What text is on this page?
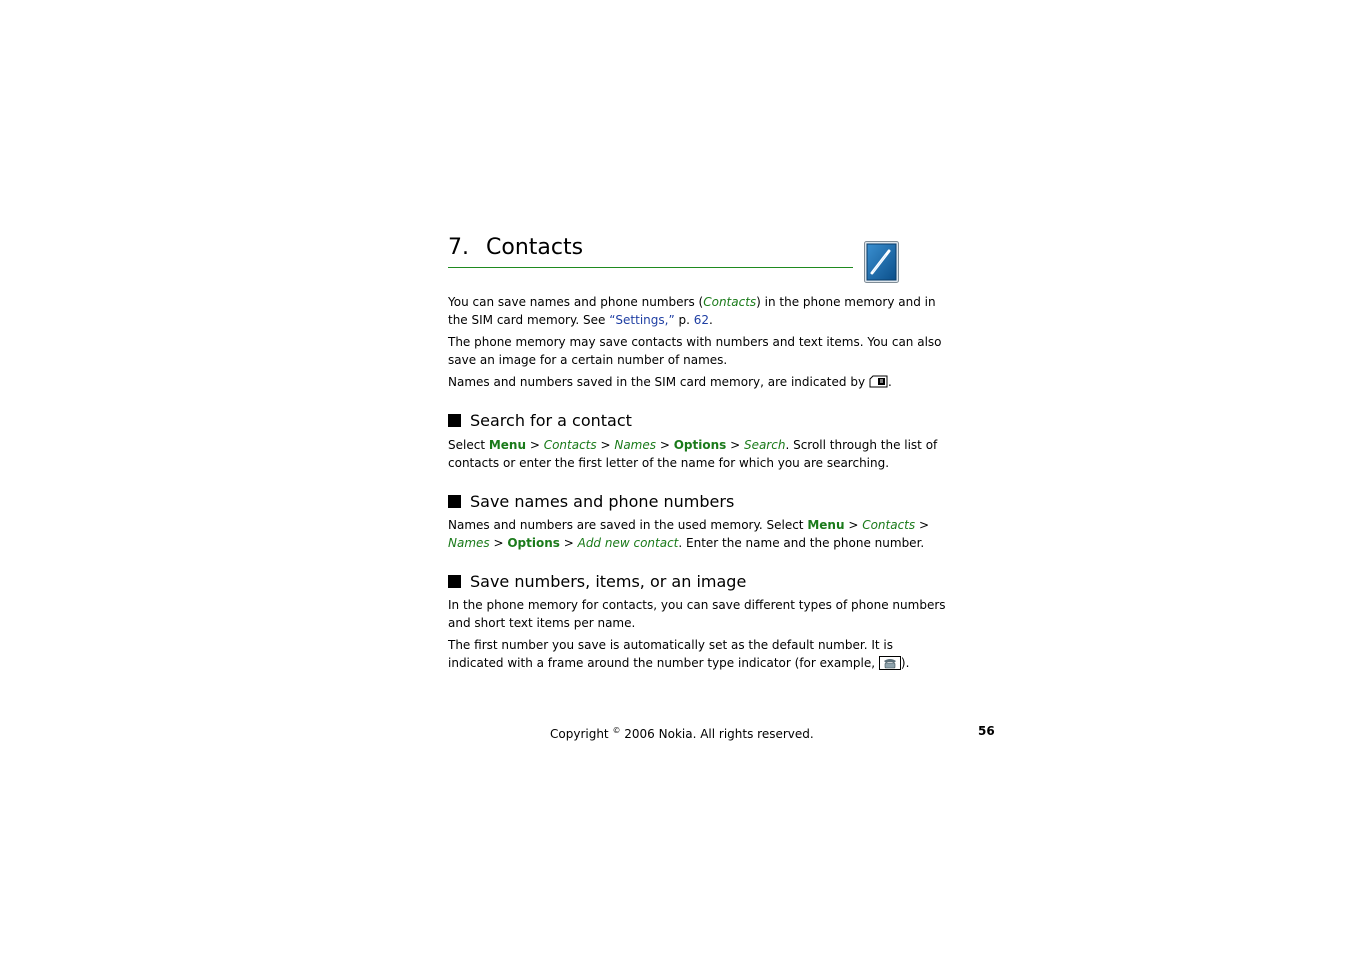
7. Contacts

You can save names and phone numbers (Contacts) in the phone memory and in
the SIM card memory. See “Settings,” p. 62.

The phone memory may save contacts with numbers and text items. You can also
save an image for a certain number of names.

Names and numbers saved in the SIM card memory, are indicated by .

Search for a contact

Select Menu > Contacts > Names > Options > Search. Scroll through the list of
contacts or enter the first letter of the name for which you are searching.

Save names and phone numbers

Names and numbers are saved in the used memory. Select Menu > Contacts >
Names > Options > Add new contact. Enter the name and the phone number.

Save numbers, items, or an image

In the phone memory for contacts, you can save different types of phone numbers
and short text items per name.

The first number you save is automatically set as the default number. It is
indicated with a frame around the number type indicator (for example, ).

Copyright © 2006 Nokia. All rights reserved.	56
